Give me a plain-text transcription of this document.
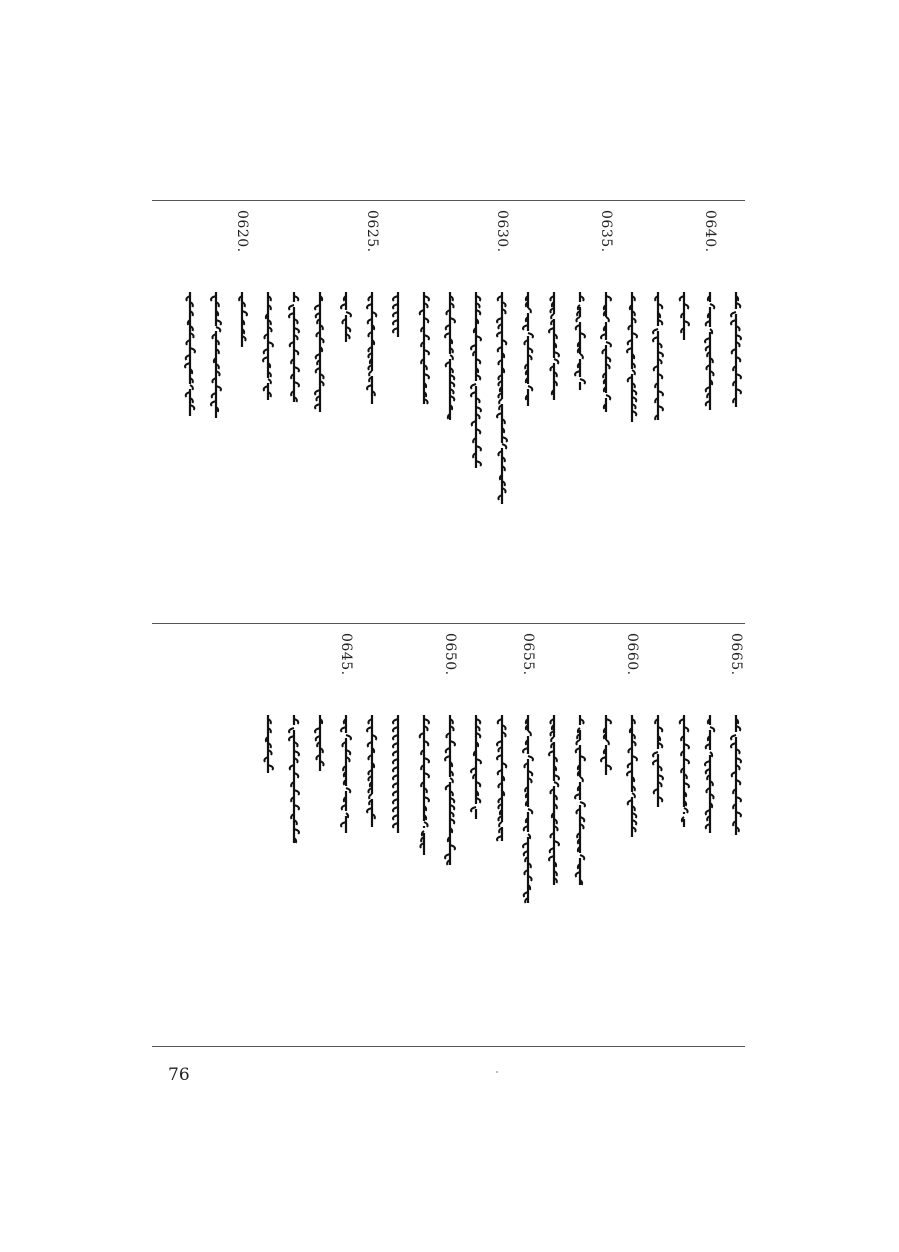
0640.
0635.
0630.
0625.
0620.
0665.
0660.
0655.
0650.
0645.
76
